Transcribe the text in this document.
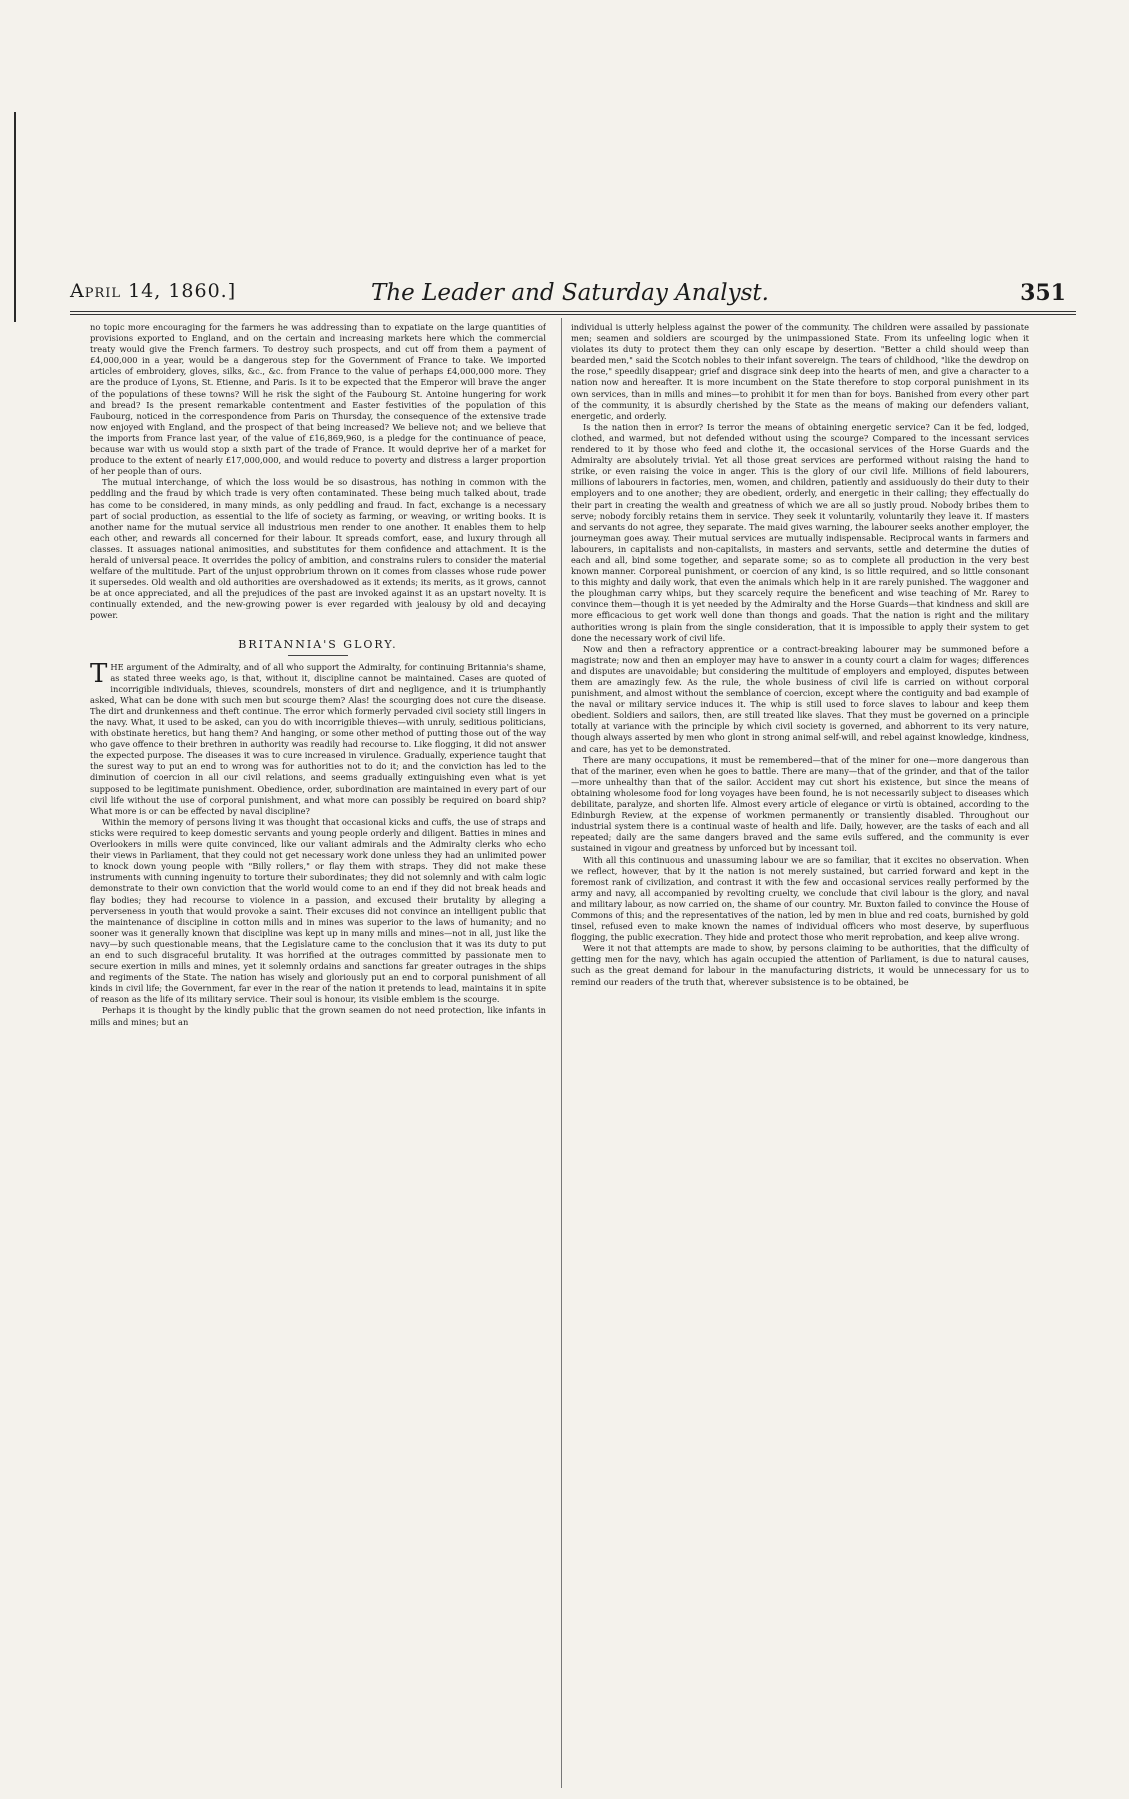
April 14, 1860.]	The Leader and Saturday Analyst.	351

no topic more encouraging for the farmers he was addressing than to expatiate on the large quantities of provisions exported to England, and on the certain and increasing markets here which the commercial treaty would give the French farmers. To destroy such prospects, and cut off from them a payment of £4,000,000 in a year, would be a dangerous step for the Government of France to take. We imported articles of embroidery, gloves, silks, &c., &c. from France to the value of perhaps £4,000,000 more. They are the produce of Lyons, St. Etienne, and Paris. Is it to be expected that the Emperor will brave the anger of the populations of these towns? Will he risk the sight of the Faubourg St. Antoine hungering for work and bread? Is the present remarkable contentment and Easter festivities of the population of this Faubourg, noticed in the correspondence from Paris on Thursday, the consequence of the extensive trade now enjoyed with England, and the prospect of that being increased? We believe not; and we believe that the imports from France last year, of the value of £16,869,960, is a pledge for the continuance of peace, because war with us would stop a sixth part of the trade of France. It would deprive her of a market for produce to the extent of nearly £17,000,000, and would reduce to poverty and distress a larger proportion of her people than of ours.

The mutual interchange, of which the loss would be so disastrous, has nothing in common with the peddling and the fraud by which trade is very often contaminated. These being much talked about, trade has come to be considered, in many minds, as only peddling and fraud. In fact, exchange is a necessary part of social production, as essential to the life of society as farming, or weaving, or writing books. It is another name for the mutual service all industrious men render to one another. It enables them to help each other, and rewards all concerned for their labour. It spreads comfort, ease, and luxury through all classes. It assuages national animosities, and substitutes for them confidence and attachment. It is the herald of universal peace. It overrides the policy of ambition, and constrains rulers to consider the material welfare of the multitude. Part of the unjust opprobrium thrown on it comes from classes whose rude power it supersedes. Old wealth and old authorities are overshadowed as it extends; its merits, as it grows, cannot be at once appreciated, and all the prejudices of the past are invoked against it as an upstart novelty. It is continually extended, and the new-growing power is ever regarded with jealousy by old and decaying power.

BRITANNIA'S GLORY.

THE argument of the Admiralty, and of all who support the Admiralty, for continuing Britannia's shame, as stated three weeks ago, is that, without it, discipline cannot be maintained. Cases are quoted of incorrigible individuals, thieves, scoundrels, monsters of dirt and negligence, and it is triumphantly asked, What can be done with such men but scourge them? Alas! the scourging does not cure the disease. The dirt and drunkenness and theft continue. The error which formerly pervaded civil society still lingers in the navy. What, it used to be asked, can you do with incorrigible thieves—with unruly, seditious politicians, with obstinate heretics, but hang them? And hanging, or some other method of putting those out of the way who gave offence to their brethren in authority was readily had recourse to. Like flogging, it did not answer the expected purpose. The diseases it was to cure increased in virulence. Gradually, experience taught that the surest way to put an end to wrong was for authorities not to do it; and the conviction has led to the diminution of coercion in all our civil relations, and seems gradually extinguishing even what is yet supposed to be legitimate punishment. Obedience, order, subordination are maintained in every part of our civil life without the use of corporal punishment, and what more can possibly be required on board ship? What more is or can be effected by naval discipline?

Within the memory of persons living it was thought that occasional kicks and cuffs, the use of straps and sticks were required to keep domestic servants and young people orderly and diligent. Batties in mines and Overlookers in mills were quite convinced, like our valiant admirals and the Admiralty clerks who echo their views in Parliament, that they could not get necessary work done unless they had an unlimited power to knock down young people with "Billy rollers," or flay them with straps. They did not make these instruments with cunning ingenuity to torture their subordinates; they did not solemnly and with calm logic demonstrate to their own conviction that the world would come to an end if they did not break heads and flay bodies; they had recourse to violence in a passion, and excused their brutality by alleging a perverseness in youth that would provoke a saint. Their excuses did not convince an intelligent public that the maintenance of discipline in cotton mills and in mines was superior to the laws of humanity; and no sooner was it generally known that discipline was kept up in many mills and mines—not in all, just like the navy—by such questionable means, that the Legislature came to the conclusion that it was its duty to put an end to such disgraceful brutality. It was horrified at the outrages committed by passionate men to secure exertion in mills and mines, yet it solemnly ordains and sanctions far greater outrages in the ships and regiments of the State. The nation has wisely and gloriously put an end to corporal punishment of all kinds in civil life; the Government, far ever in the rear of the nation it pretends to lead, maintains it in spite of reason as the life of its military service. Their soul is honour, its visible emblem is the scourge.

Perhaps it is thought by the kindly public that the grown seamen do not need protection, like infants in mills and mines; but an

individual is utterly helpless against the power of the community. The children were assailed by passionate men; seamen and soldiers are scourged by the unimpassioned State. From its unfeeling logic when it violates its duty to protect them they can only escape by desertion. "Better a child should weep than bearded men," said the Scotch nobles to their infant sovereign. The tears of childhood, "like the dewdrop on the rose," speedily disappear; grief and disgrace sink deep into the hearts of men, and give a character to a nation now and hereafter. It is more incumbent on the State therefore to stop corporal punishment in its own services, than in mills and mines—to prohibit it for men than for boys. Banished from every other part of the community, it is absurdly cherished by the State as the means of making our defenders valiant, energetic, and orderly.

Is the nation then in error? Is terror the means of obtaining energetic service? Can it be fed, lodged, clothed, and warmed, but not defended without using the scourge? Compared to the incessant services rendered to it by those who feed and clothe it, the occasional services of the Horse Guards and the Admiralty are absolutely trivial. Yet all those great services are performed without raising the hand to strike, or even raising the voice in anger. This is the glory of our civil life. Millions of field labourers, millions of labourers in factories, men, women, and children, patiently and assiduously do their duty to their employers and to one another; they are obedient, orderly, and energetic in their calling; they effectually do their part in creating the wealth and greatness of which we are all so justly proud. Nobody bribes them to serve; nobody forcibly retains them in service. They seek it voluntarily, voluntarily they leave it. If masters and servants do not agree, they separate. The maid gives warning, the labourer seeks another employer, the journeyman goes away. Their mutual services are mutually indispensable. Reciprocal wants in farmers and labourers, in capitalists and non-capitalists, in masters and servants, settle and determine the duties of each and all, bind some together, and separate some; so as to complete all production in the very best known manner. Corporeal punishment, or coercion of any kind, is so little required, and so little consonant to this mighty and daily work, that even the animals which help in it are rarely punished. The waggoner and the ploughman carry whips, but they scarcely require the beneficent and wise teaching of Mr. Rarey to convince them—though it is yet needed by the Admiralty and the Horse Guards—that kindness and skill are more efficacious to get work well done than thongs and goads. That the nation is right and the military authorities wrong is plain from the single consideration, that it is impossible to apply their system to get done the necessary work of civil life.

Now and then a refractory apprentice or a contract-breaking labourer may be summoned before a magistrate; now and then an employer may have to answer in a county court a claim for wages; differences and disputes are unavoidable; but considering the multitude of employers and employed, disputes between them are amazingly few. As the rule, the whole business of civil life is carried on without corporal punishment, and almost without the semblance of coercion, except where the contiguity and bad example of the naval or military service induces it. The whip is still used to force slaves to labour and keep them obedient. Soldiers and sailors, then, are still treated like slaves. That they must be governed on a principle totally at variance with the principle by which civil society is governed, and abhorrent to its very nature, though always asserted by men who glont in strong animal self-will, and rebel against knowledge, kindness, and care, has yet to be demonstrated.

There are many occupations, it must be remembered—that of the miner for one—more dangerous than that of the mariner, even when he goes to battle. There are many—that of the grinder, and that of the tailor—more unhealthy than that of the sailor. Accident may cut short his existence, but since the means of obtaining wholesome food for long voyages have been found, he is not necessarily subject to diseases which debilitate, paralyze, and shorten life. Almost every article of elegance or virtù is obtained, according to the Edinburgh Review, at the expense of workmen permanently or transiently disabled. Throughout our industrial system there is a continual waste of health and life. Daily, however, are the tasks of each and all repeated; daily are the same dangers braved and the same evils suffered, and the community is ever sustained in vigour and greatness by unforced but by incessant toil.

With all this continuous and unassuming labour we are so familiar, that it excites no observation. When we reflect, however, that by it the nation is not merely sustained, but carried forward and kept in the foremost rank of civilization, and contrast it with the few and occasional services really performed by the army and navy, all accompanied by revolting cruelty, we conclude that civil labour is the glory, and naval and military labour, as now carried on, the shame of our country. Mr. Buxton failed to convince the House of Commons of this; and the representatives of the nation, led by men in blue and red coats, burnished by gold tinsel, refused even to make known the names of individual officers who most deserve, by superfluous flogging, the public execration. They hide and protect those who merit reprobation, and keep alive wrong.

Were it not that attempts are made to show, by persons claiming to be authorities, that the difficulty of getting men for the navy, which has again occupied the attention of Parliament, is due to natural causes, such as the great demand for labour in the manufacturing districts, it would be unnecessary for us to remind our readers of the truth that, wherever subsistence is to be obtained, be
